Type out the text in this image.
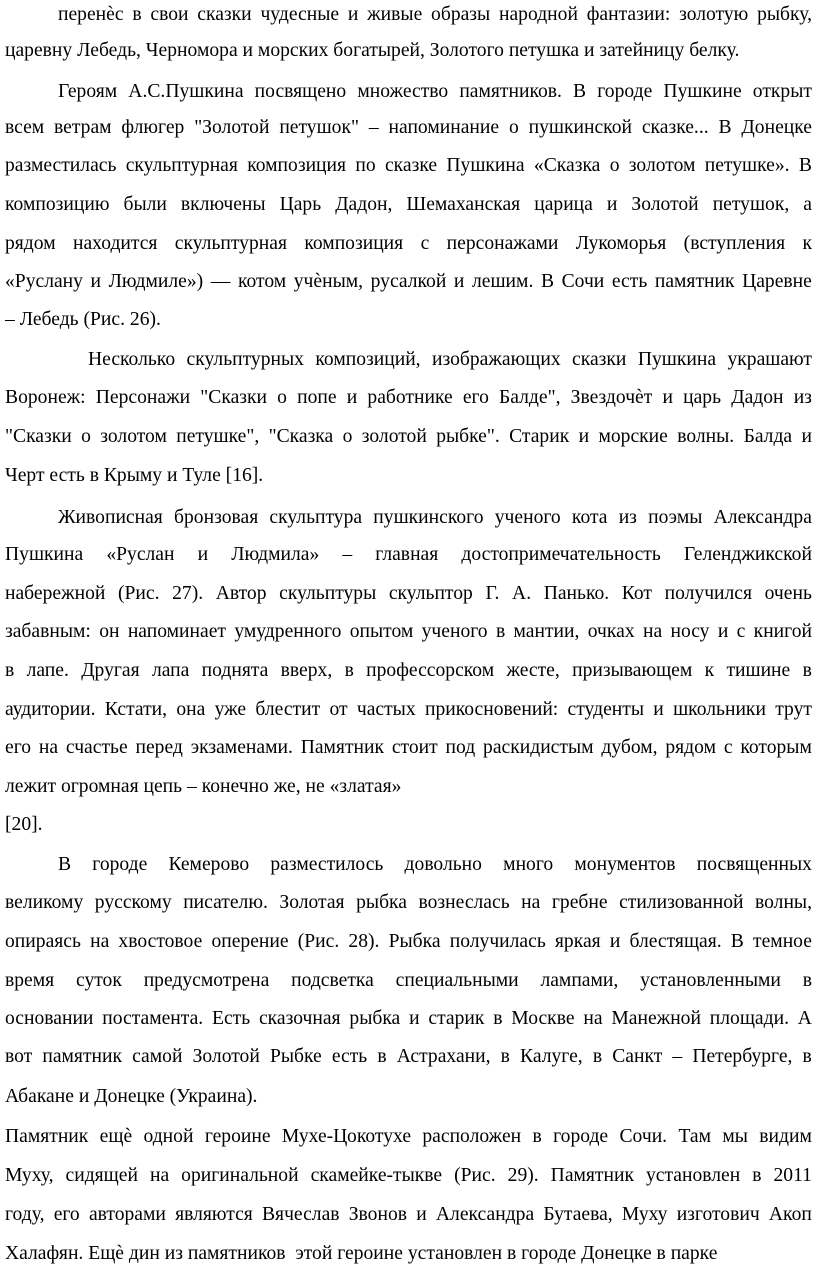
перенѐс в свои сказки чудесные и живые образы народной фантазии: золотую рыбку,
царевну Лебедь, Черномора и морских богатырей, Золотого петушка и затейницу белку.
Героям А.С.Пушкина посвящено множество памятников. В городе Пушкине открыт
всем ветрам флюгер "Золотой петушок" – напоминание о пушкинской сказке... В Донецке
разместилась скульптурная композиция по сказке Пушкина «Сказка о золотом петушке». В
композицию были включены Царь Дадон, Шемаханская царица и Золотой петушок, а
рядом находится скульптурная композиция с персонажами Лукоморья (вступления к
«Руслану и Людмиле») — котом учѐным, русалкой и лешим. В Сочи есть памятник Царевне
– Лебедь (Рис. 26).
Несколько скульптурных композиций, изображающих сказки Пушкина украшают
Воронеж: Персонажи "Сказки о попе и работнике его Балде", Звездочѐт и царь Дадон из
"Сказки о золотом петушке", "Сказка о золотой рыбке". Старик и морские волны. Балда и
Черт есть в Крыму и Туле [16].
Живописная бронзовая скульптура пушкинского ученого кота из поэмы Александра
Пушкина «Руслан и Людмила» – главная достопримечательность Геленджикской
набережной (Рис. 27). Автор скульптуры скульптор Г. А. Панько. Кот получился очень
забавным: он напоминает умудренного опытом ученого в мантии, очках на носу и с книгой
в лапе. Другая лапа поднята вверх, в профессорском жесте, призывающем к тишине в
аудитории. Кстати, она уже блестит от частых прикосновений: студенты и школьники трут
его на счастье перед экзаменами. Памятник стоит под раскидистым дубом, рядом с которым
лежит огромная цепь – конечно же, не «златая»
[20].
В городе Кемерово разместилось довольно много монументов посвященных
великому русскому писателю. Золотая рыбка вознеслась на гребне стилизованной волны,
опираясь на хвостовое оперение (Рис. 28). Рыбка получилась яркая и блестящая. В темное
время суток предусмотрена подсветка специальными лампами, установленными в
основании постамента. Есть сказочная рыбка и старик в Москве на Манежной площади. А
вот памятник самой Золотой Рыбке есть в Астрахани, в Калуге, в Санкт – Петербурге, в
Абакане и Донецке (Украина).
Памятник ещѐ одной героине Мухе-Цокотухе расположен в городе Сочи. Там мы видим
Муху, сидящей на оригинальной скамейке-тыкве (Рис. 29). Памятник установлен в 2011
году, его авторами являются Вячеслав Звонов и Александра Бутаева, Муху изготович Акоп
Халафян. Ещѐ дин из памятников  этой героине установлен в городе Донецке в парке
